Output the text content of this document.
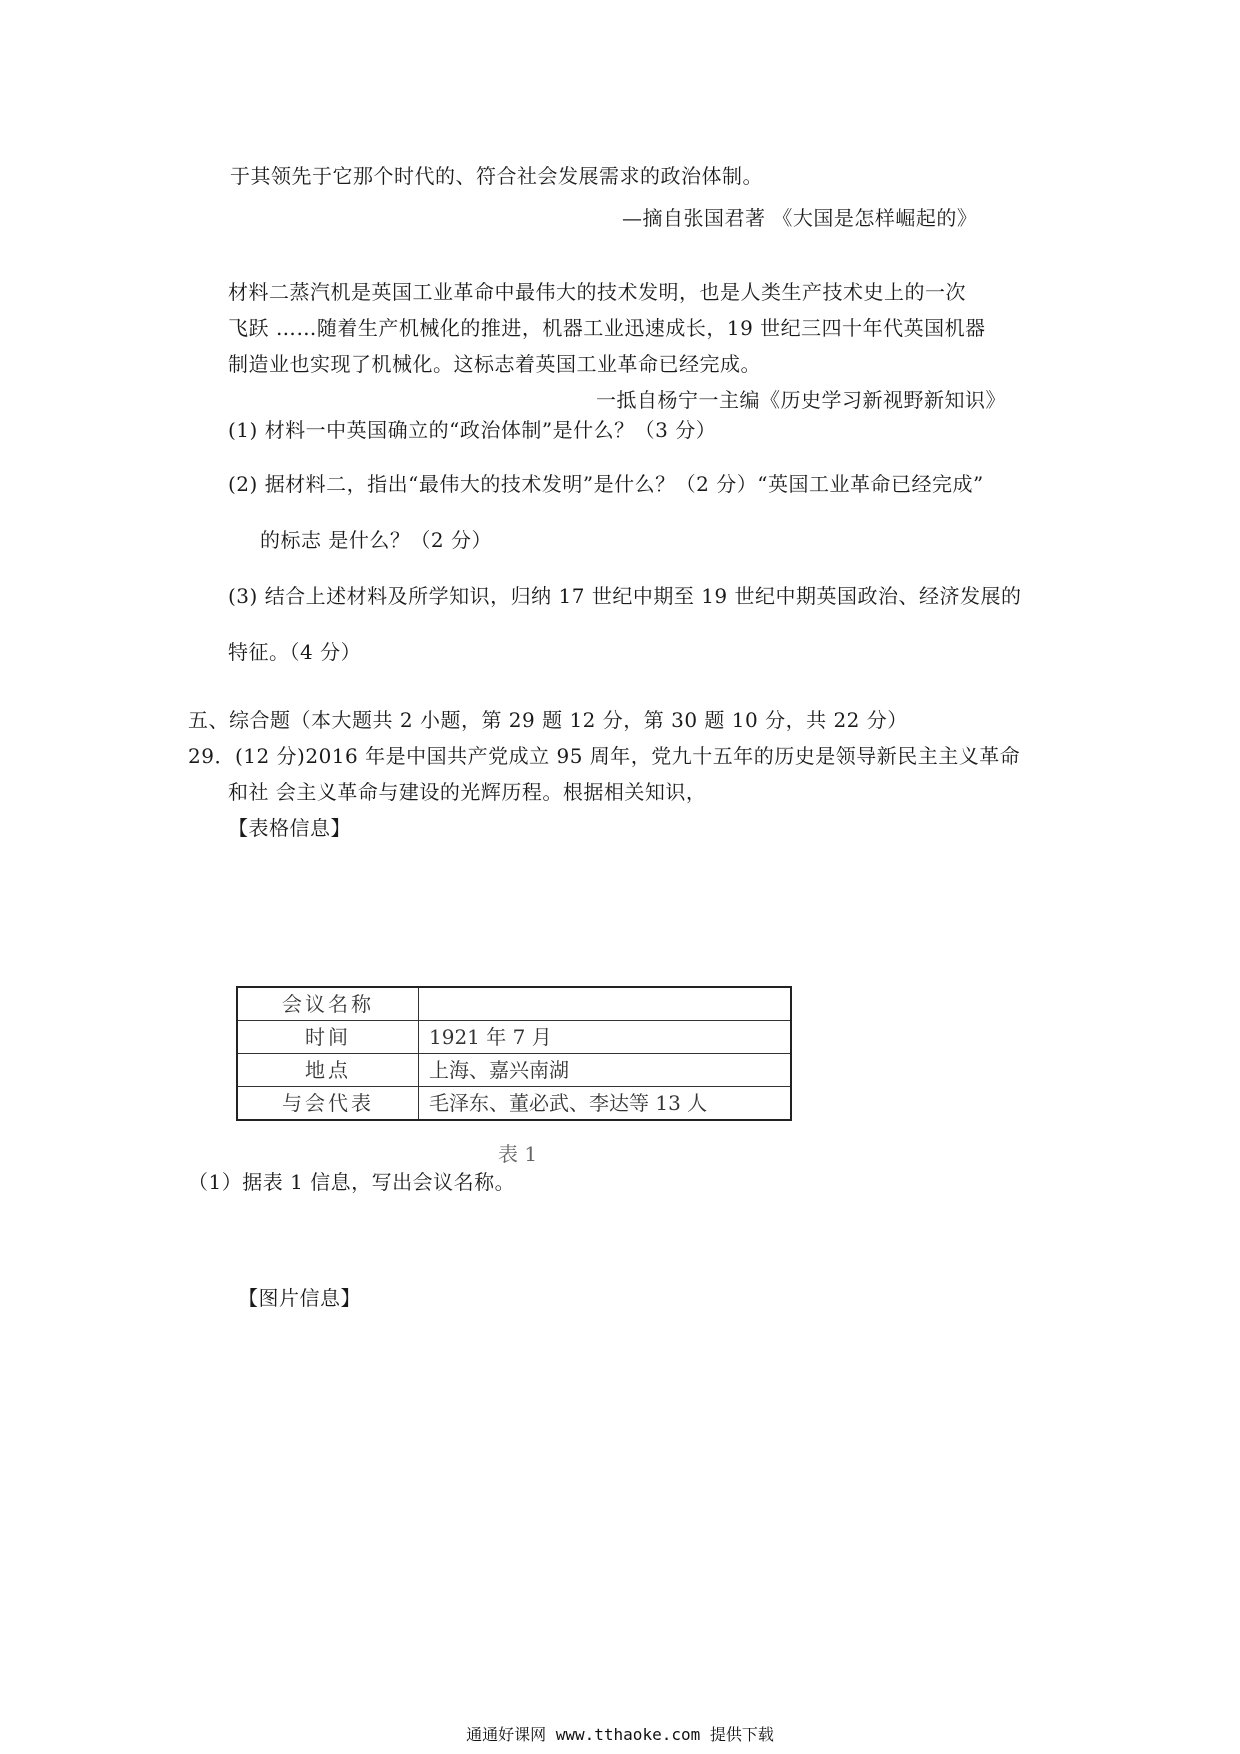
于其领先于它那个时代的、符合社会发展需求的政治体制。
—摘自张国君著 《大国是怎样崛起的》
材料二蒸汽机是英国工业革命中最伟大的技术发明，也是人类生产技术史上的一次
飞跃 ……随着生产机械化的推进，机器工业迅速成长，19 世纪三四十年代英国机器
制造业也实现了机械化。这标志着英国工业革命已经完成。
一抵自杨宁一主编《历史学习新视野新知识》
(1) 材料一中英国确立的“政治体制”是什么？（3 分）
(2) 据材料二，指出“最伟大的技术发明”是什么？（2 分）“英国工业革命已经完成”
的标志 是什么？（2 分）
(3) 结合上述材料及所学知识，归纳 17 世纪中期至 19 世纪中期英国政治、经济发展的
特征。（4 分）
五、综合题（本大题共 2 小题，第 29 题 12 分，第 30 题 10 分，共 22 分）
29．(12 分)2016 年是中国共产党成立 95 周年，党九十五年的历史是领导新民主主义革命
和社 会主义革命与建设的光辉历程。根据相关知识，
【表格信息】
会议名称	
时间	1921 年 7 月
地点	上海、嘉兴南湖
与会代表	毛泽东、董必武、李达等 13 人
表 1
（1）据表 1 信息，写出会议名称。
【图片信息】
通通好课网 www.tthaoke.com 提供下载
